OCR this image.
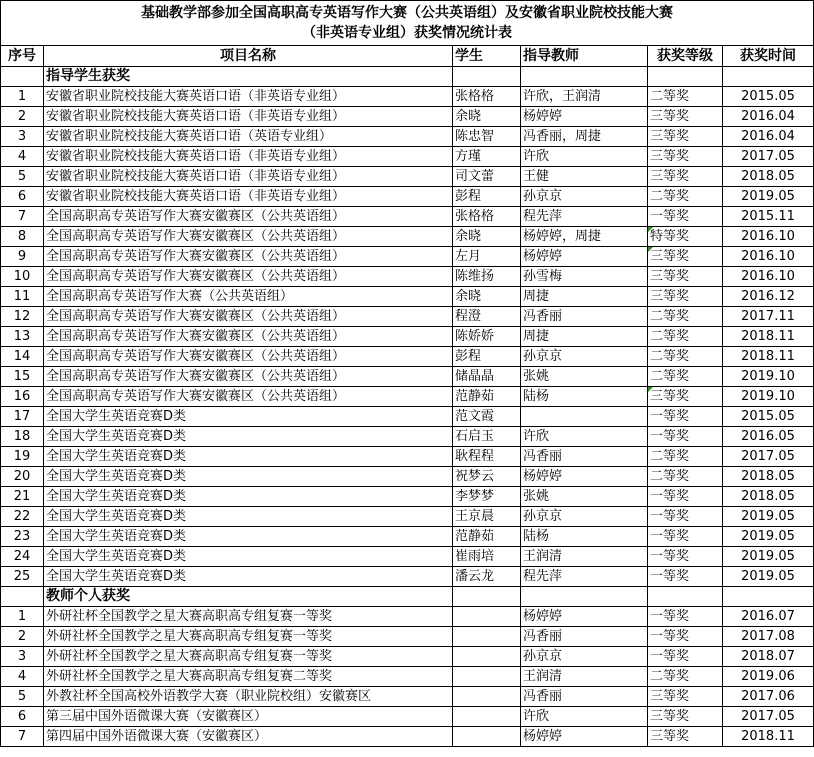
基础教学部参加全国高职高专英语写作大赛（公共英语组）及安徽省职业院校技能大赛
（非英语专业组）获奖情况统计表					

序号	项目名称	学生	指导教师	获奖等级	获奖时间
	指导学生获奖				
1	安徽省职业院校技能大赛英语口语（非英语专业组）	张格格	许欣，王润清	二等奖	2015.05
2	安徽省职业院校技能大赛英语口语（非英语专业组）	余晓	杨婷婷	三等奖	2016.04
3	安徽省职业院校技能大赛英语口语（英语专业组）	陈忠智	冯香丽，周捷	三等奖	2016.04
4	安徽省职业院校技能大赛英语口语（非英语专业组）	方瑾	许欣	三等奖	2017.05
5	安徽省职业院校技能大赛英语口语（非英语专业组）	司文蕾	王健	三等奖	2018.05
6	安徽省职业院校技能大赛英语口语（非英语专业组）	彭程	孙京京	二等奖	2019.05
7	全国高职高专英语写作大赛安徽赛区（公共英语组）	张格格	程先萍	一等奖	2015.11
8	全国高职高专英语写作大赛安徽赛区（公共英语组）	余晓	杨婷婷，周捷	特等奖	2016.10
9	全国高职高专英语写作大赛安徽赛区（公共英语组）	左月	杨婷婷	三等奖	2016.10
10	全国高职高专英语写作大赛安徽赛区（公共英语组）	陈维扬	孙雪梅	三等奖	2016.10
11	全国高职高专英语写作大赛（公共英语组）	余晓	周捷	三等奖	2016.12
12	全国高职高专英语写作大赛安徽赛区（公共英语组）	程澄	冯香丽	二等奖	2017.11
13	全国高职高专英语写作大赛安徽赛区（公共英语组）	陈娇娇	周捷	二等奖	2018.11
14	全国高职高专英语写作大赛安徽赛区（公共英语组）	彭程	孙京京	二等奖	2018.11
15	全国高职高专英语写作大赛安徽赛区（公共英语组）	储晶晶	张姚	二等奖	2019.10
16	全国高职高专英语写作大赛安徽赛区（公共英语组）	范静茹	陆杨	三等奖	2019.10
17	全国大学生英语竞赛D类	范文霞		一等奖	2015.05
18	全国大学生英语竞赛D类	石启玉	许欣	一等奖	2016.05
19	全国大学生英语竞赛D类	耿程程	冯香丽	二等奖	2017.05
20	全国大学生英语竞赛D类	祝梦云	杨婷婷	二等奖	2018.05
21	全国大学生英语竞赛D类	李梦梦	张姚	一等奖	2018.05
22	全国大学生英语竞赛D类	王京晨	孙京京	一等奖	2019.05
23	全国大学生英语竞赛D类	范静茹	陆杨	一等奖	2019.05
24	全国大学生英语竞赛D类	崔雨培	王润清	一等奖	2019.05
25	全国大学生英语竞赛D类	潘云龙	程先萍	一等奖	2019.05
	教师个人获奖				
1	外研社杯全国教学之星大赛高职高专组复赛一等奖		杨婷婷	一等奖	2016.07
2	外研社杯全国教学之星大赛高职高专组复赛一等奖		冯香丽	一等奖	2017.08
3	外研社杯全国教学之星大赛高职高专组复赛一等奖		孙京京	一等奖	2018.07
4	外研社杯全国教学之星大赛高职高专组复赛二等奖		王润清	二等奖	2019.06
5	外教社杯全国高校外语教学大赛（职业院校组）安徽赛区		冯香丽	三等奖	2017.06
6	第三届中国外语微课大赛（安徽赛区）		许欣	三等奖	2017.05
7	第四届中国外语微课大赛（安徽赛区）		杨婷婷	三等奖	2018.11
